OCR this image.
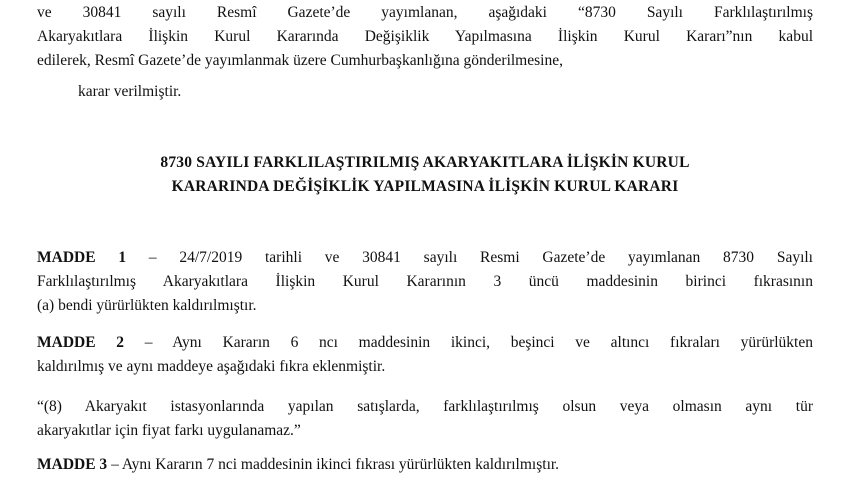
ve 30841 sayılı Resmî Gazete’de yayımlanan, aşağıdaki “8730 Sayılı Farklılaştırılmış
Akaryakıtlara İlişkin Kurul Kararında Değişiklik Yapılmasına İlişkin Kurul Kararı”nın kabul
edilerek, Resmî Gazete’de yayımlanmak üzere Cumhurbaşkanlığına gönderilmesine,
karar verilmiştir.
8730 SAYILI FARKLILAŞTIRILMIŞ AKARYAKITLARA İLİŞKİN KURUL
KARARINDA DEĞİŞİKLİK YAPILMASINA İLİŞKİN KURUL KARARI
MADDE 1 – 24/7/2019 tarihli ve 30841 sayılı Resmi Gazete’de yayımlanan 8730 Sayılı
Farklılaştırılmış Akaryakıtlara İlişkin Kurul Kararının 3 üncü maddesinin birinci fıkrasının
(a) bendi yürürlükten kaldırılmıştır.
MADDE 2 – Aynı Kararın 6 ncı maddesinin ikinci, beşinci ve altıncı fıkraları yürürlükten
kaldırılmış ve aynı maddeye aşağıdaki fıkra eklenmiştir.
“(8) Akaryakıt istasyonlarında yapılan satışlarda, farklılaştırılmış olsun veya olmasın aynı tür
akaryakıtlar için fiyat farkı uygulanamaz.”
MADDE 3 – Aynı Kararın 7 nci maddesinin ikinci fıkrası yürürlükten kaldırılmıştır.
